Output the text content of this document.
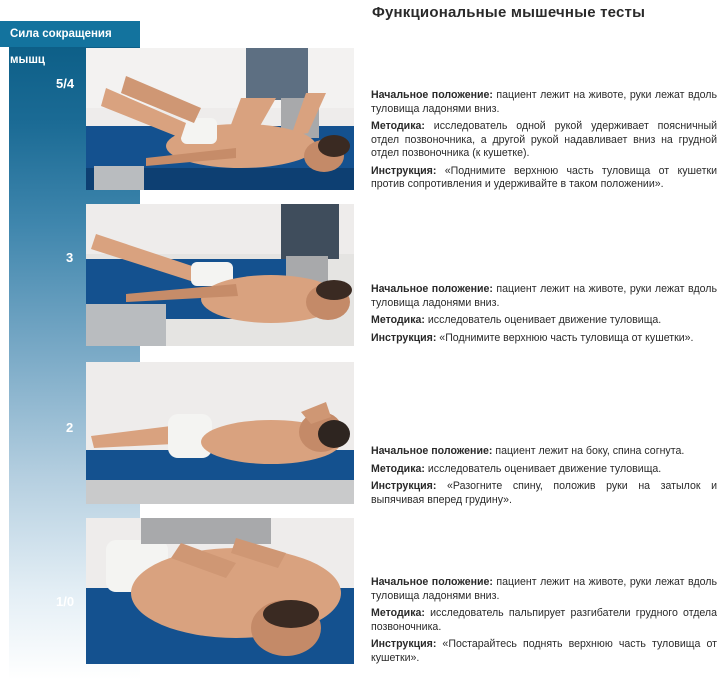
Функциональные мышечные тесты
Сила сокращения мышц
5/4
3
2
1/0

Начальное положение: пациент лежит на животе, руки лежат вдоль туловища ладонями вниз.

Методика: исследователь одной рукой удерживает поясничный отдел позвоночника, а другой рукой надавливает вниз на грудной отдел позвоночника (к кушетке).

Инструкция: «Поднимите верхнюю часть туловища от кушетки против сопротивления и удерживайте в таком положении».

Начальное положение: пациент лежит на животе, руки лежат вдоль туловища ладонями вниз.

Методика: исследователь оценивает движение туловища.

Инструкция: «Поднимите верхнюю часть туловища от кушетки».

Начальное положение: пациент лежит на боку, спина согнута.

Методика: исследователь оценивает движение туловища.

Инструкция: «Разогните спину, положив руки на затылок и выпячивая вперед грудину».

Начальное положение: пациент лежит на животе, руки лежат вдоль туловища ладонями вниз.

Методика: исследователь пальпирует разгибатели грудного отдела позвоночника.

Инструкция: «Постарайтесь поднять верхнюю часть туловища от кушетки».
